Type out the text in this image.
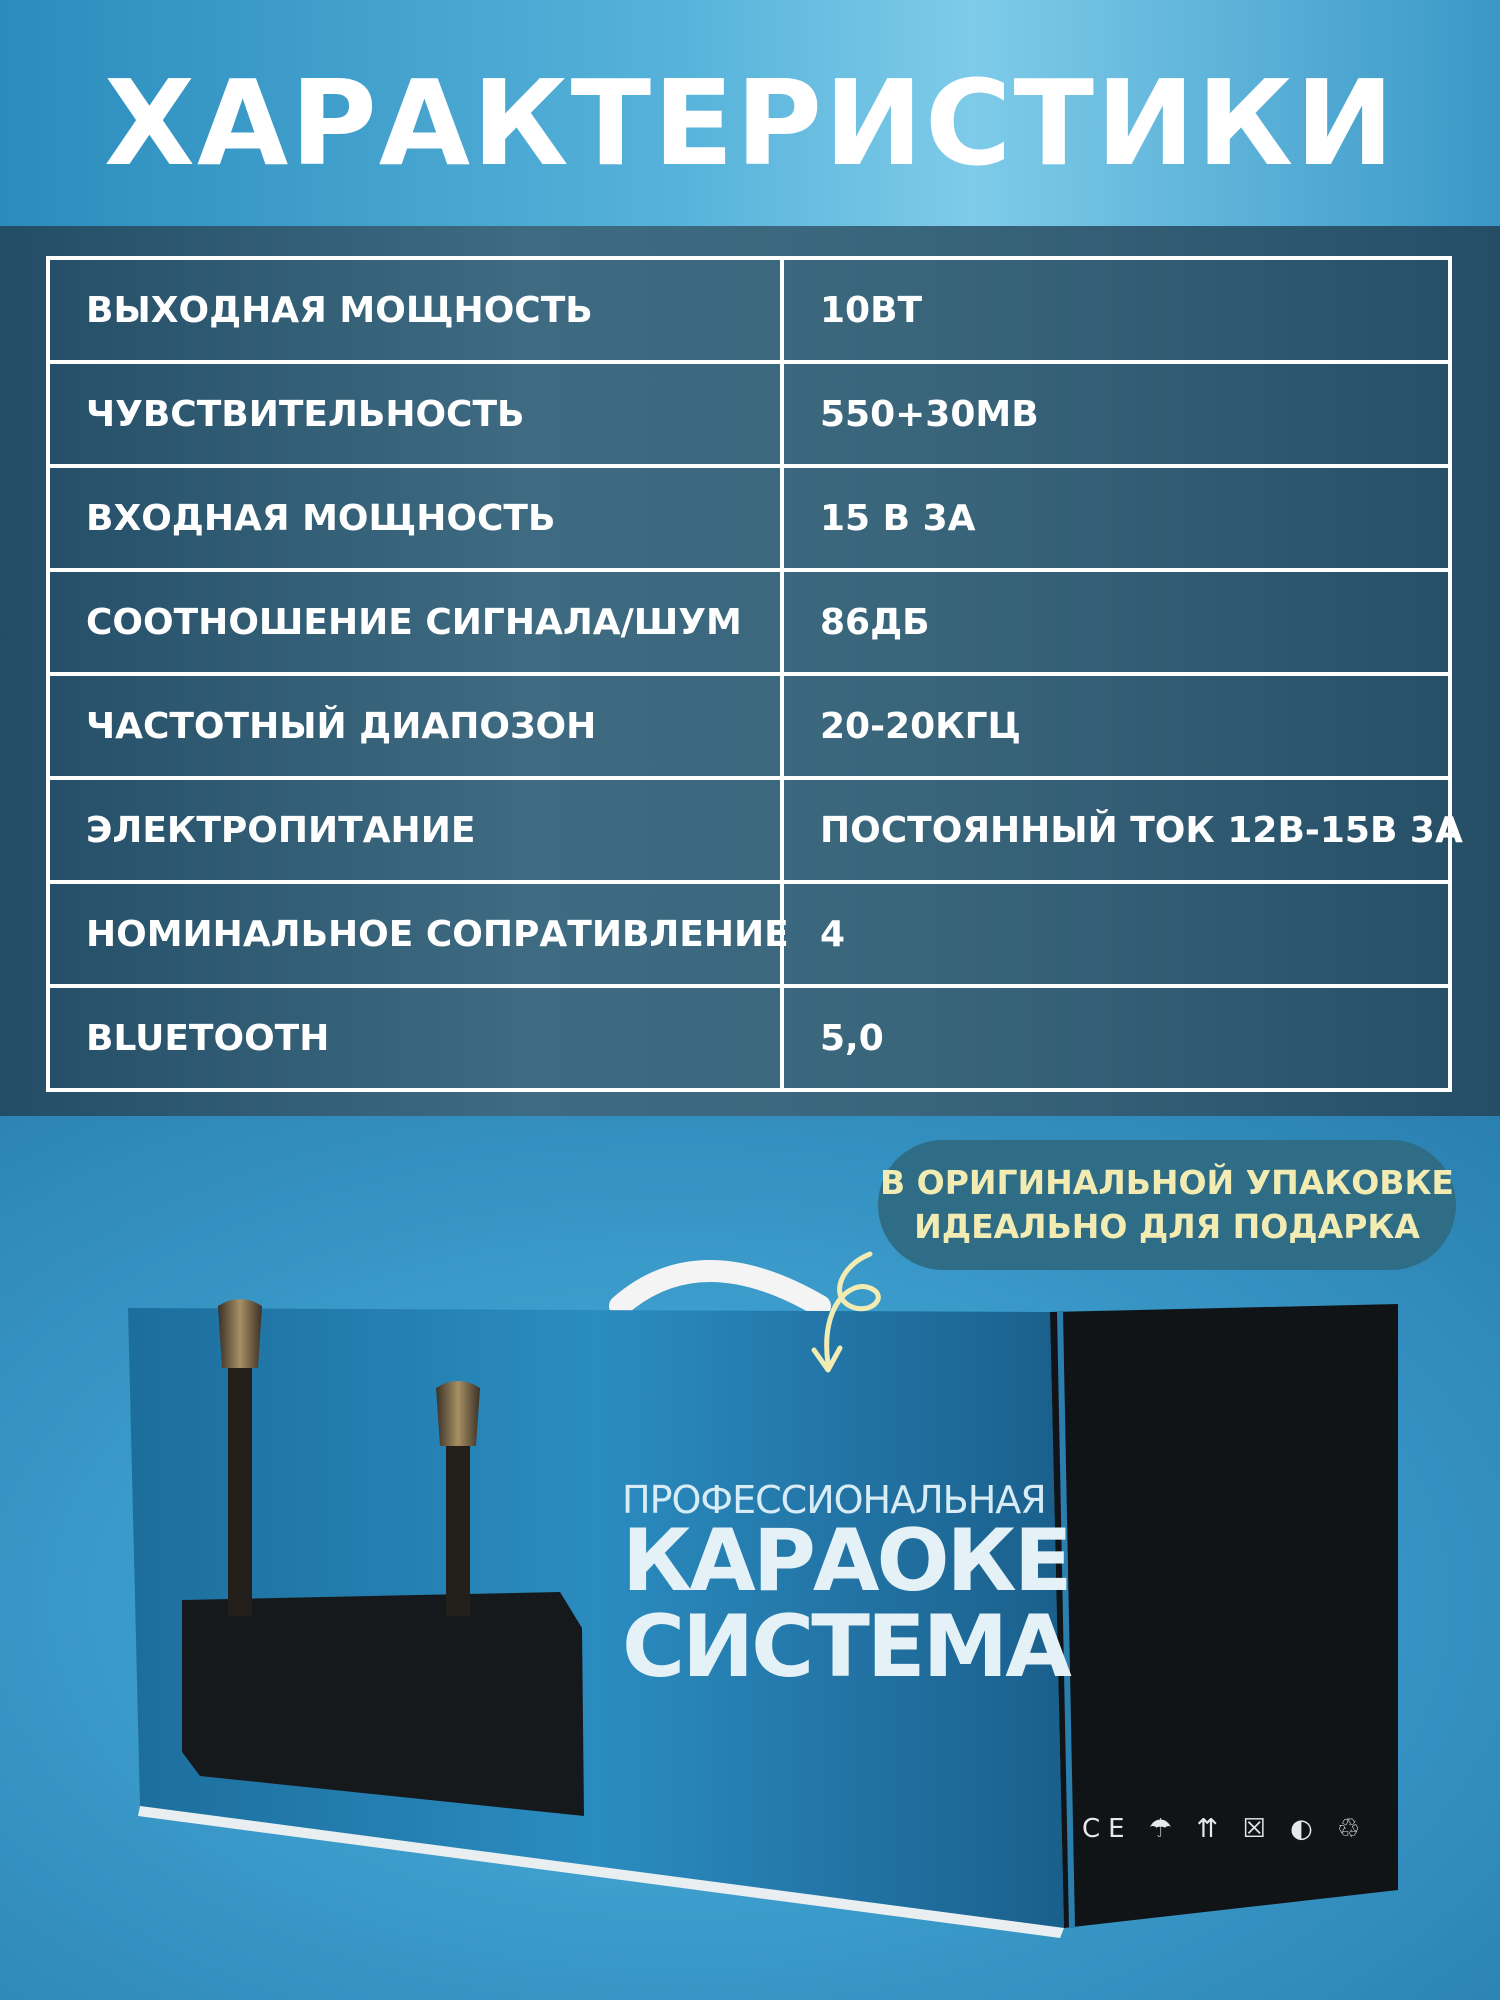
ХАРАКТЕРИСТИКИ
ВЫХОДНАЯ МОЩНОСТЬ	10ВТ
ЧУВСТВИТЕЛЬНОСТЬ	550+30МВ
ВХОДНАЯ МОЩНОСТЬ	15 В 3А
СООТНОШЕНИЕ СИГНАЛА/ШУМ	86ДБ
ЧАСТОТНЫЙ ДИАПОЗОН	20-20КГЦ
ЭЛЕКТРОПИТАНИЕ	ПОСТОЯННЫЙ ТОК 12В-15В 3А
НОМИНАЛЬНОЕ СОПРАТИВЛЕНИЕ	4
BLUETOOTH	5,0
В ОРИГИНАЛЬНОЙ УПАКОВКЕ
ИДЕАЛЬНО ДЛЯ ПОДАРКА
ПРОФЕССИОНАЛЬНАЯ
КАРАОКЕ
СИСТЕМА
CE ☂ ⇈ ☒ ◐ ♲
